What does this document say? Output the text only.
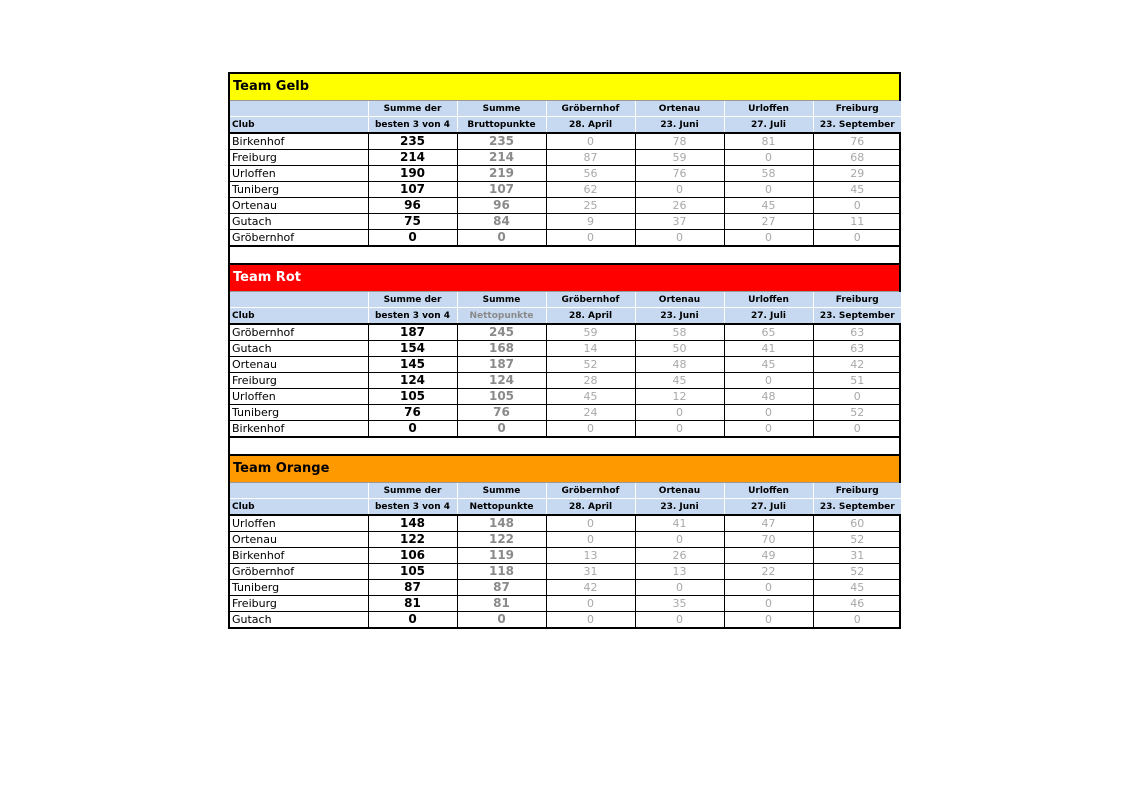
Team Gelb
	Summe der	Summe	Gröbernhof	Ortenau	Urloffen	Freiburg
Club	besten 3 von 4	Bruttopunkte	28. April	23. Juni	27. Juli	23. September
Birkenhof	235	235	0	78	81	76
Freiburg	214	214	87	59	0	68
Urloffen	190	219	56	76	58	29
Tuniberg	107	107	62	0	0	45
Ortenau	96	96	25	26	45	0
Gutach	75	84	9	37	27	11
Gröbernhof	0	0	0	0	0	0
Team Rot
	Summe der	Summe	Gröbernhof	Ortenau	Urloffen	Freiburg
Club	besten 3 von 4	Nettopunkte	28. April	23. Juni	27. Juli	23. September
Gröbernhof	187	245	59	58	65	63
Gutach	154	168	14	50	41	63
Ortenau	145	187	52	48	45	42
Freiburg	124	124	28	45	0	51
Urloffen	105	105	45	12	48	0
Tuniberg	76	76	24	0	0	52
Birkenhof	0	0	0	0	0	0
Team Orange
	Summe der	Summe	Gröbernhof	Ortenau	Urloffen	Freiburg
Club	besten 3 von 4	Nettopunkte	28. April	23. Juni	27. Juli	23. September
Urloffen	148	148	0	41	47	60
Ortenau	122	122	0	0	70	52
Birkenhof	106	119	13	26	49	31
Gröbernhof	105	118	31	13	22	52
Tuniberg	87	87	42	0	0	45
Freiburg	81	81	0	35	0	46
Gutach	0	0	0	0	0	0
